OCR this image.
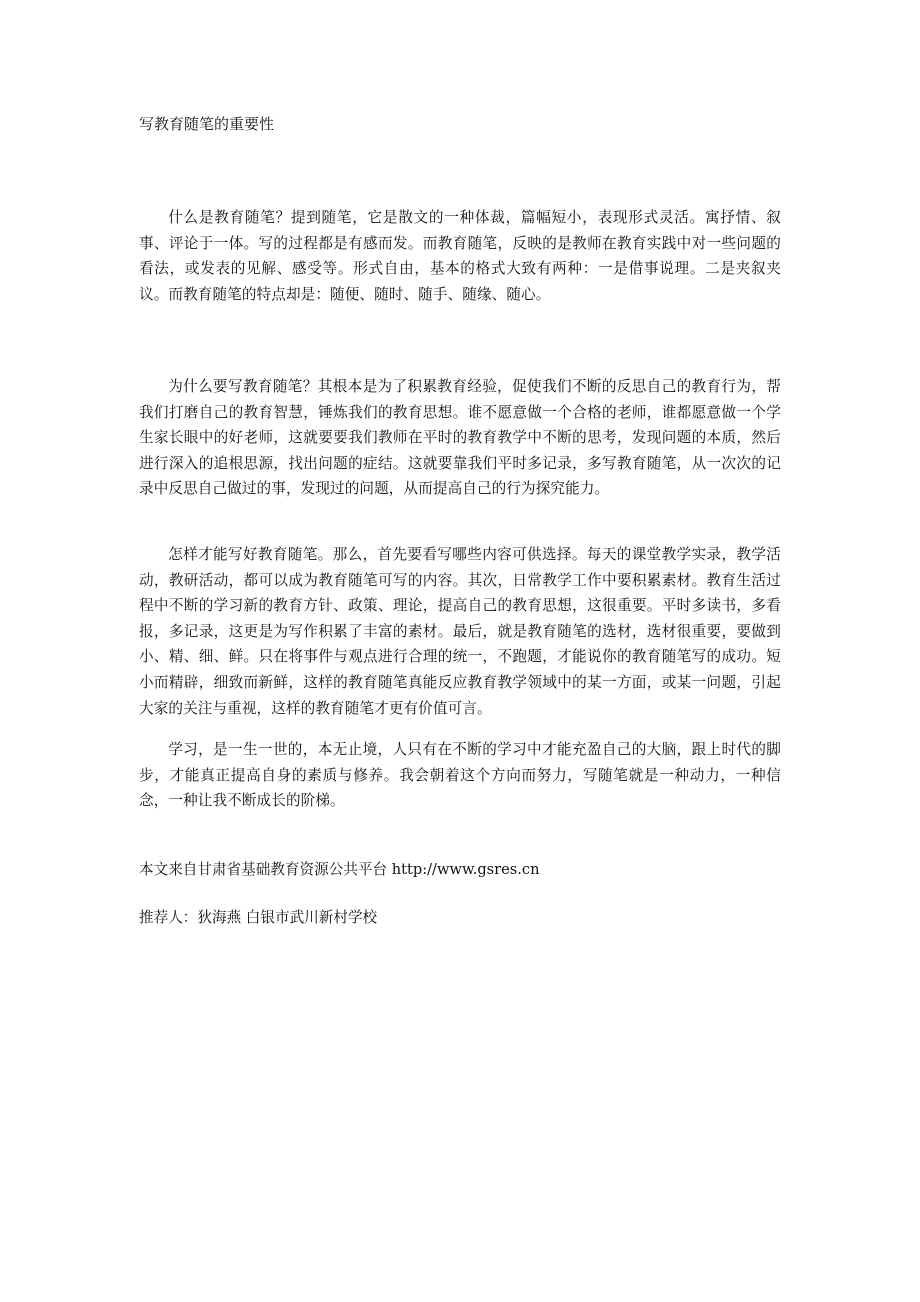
写教育随笔的重要性

什么是教育随笔？提到随笔，它是散文的一种体裁，篇幅短小，表现形式灵活。寓抒情、叙事、评论于一体。写的过程都是有感而发。而教育随笔，反映的是教师在教育实践中对一些问题的看法，或发表的见解、感受等。形式自由，基本的格式大致有两种：一是借事说理。二是夹叙夹议。而教育随笔的特点却是：随便、随时、随手、随缘、随心。

为什么要写教育随笔？其根本是为了积累教育经验，促使我们不断的反思自己的教育行为，帮我们打磨自己的教育智慧，锤炼我们的教育思想。谁不愿意做一个合格的老师，谁都愿意做一个学生家长眼中的好老师，这就要要我们教师在平时的教育教学中不断的思考，发现问题的本质，然后进行深入的追根思源，找出问题的症结。这就要靠我们平时多记录，多写教育随笔，从一次次的记录中反思自己做过的事，发现过的问题，从而提高自己的行为探究能力。

怎样才能写好教育随笔。那么，首先要看写哪些内容可供选择。每天的课堂教学实录，教学活动，教研活动，都可以成为教育随笔可写的内容。其次，日常教学工作中要积累素材。教育生活过程中不断的学习新的教育方针、政策、理论，提高自己的教育思想，这很重要。平时多读书，多看报，多记录，这更是为写作积累了丰富的素材。最后，就是教育随笔的选材，选材很重要，要做到小、精、细、鲜。只在将事件与观点进行合理的统一，不跑题，才能说你的教育随笔写的成功。短小而精辟，细致而新鲜，这样的教育随笔真能反应教育教学领域中的某一方面，或某一问题，引起大家的关注与重视，这样的教育随笔才更有价值可言。

学习，是一生一世的，本无止境，人只有在不断的学习中才能充盈自己的大脑，跟上时代的脚步，才能真正提高自身的素质与修养。我会朝着这个方向而努力，写随笔就是一种动力，一种信念，一种让我不断成长的阶梯。

本文来自甘肃省基础教育资源公共平台 http://www.gsres.cn

推荐人：狄海燕 白银市武川新村学校
